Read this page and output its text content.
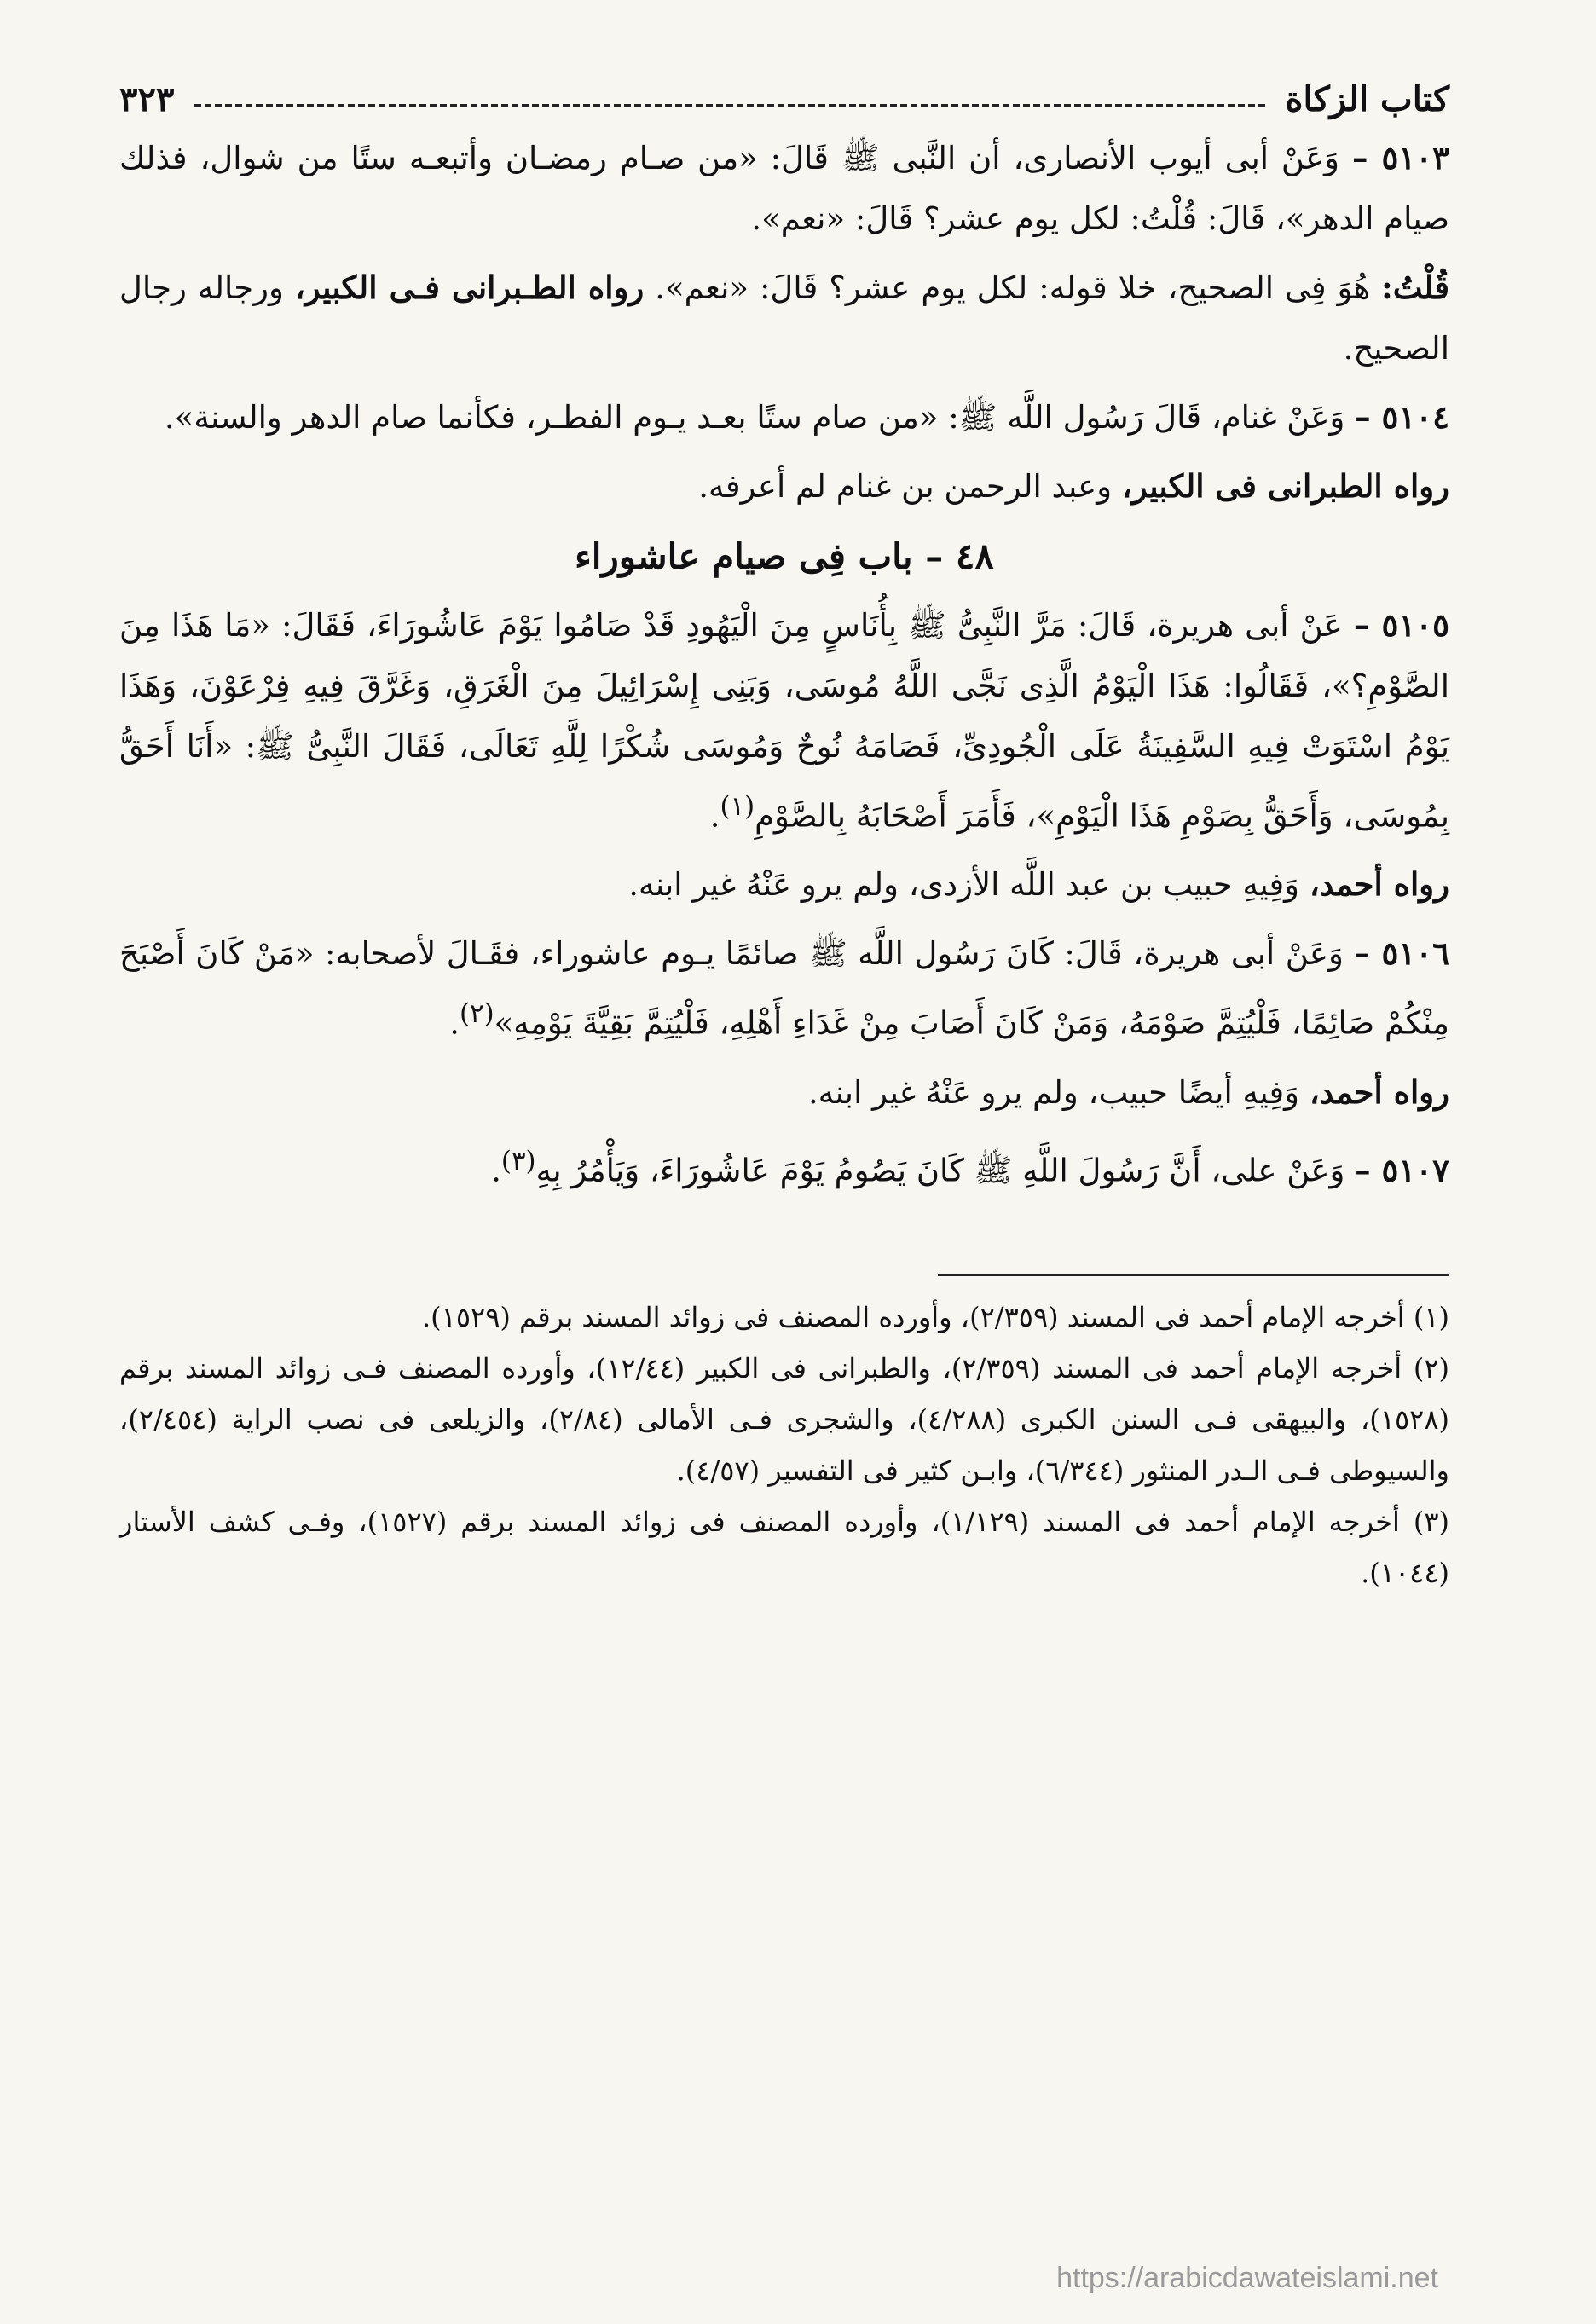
كتاب الزكاة
٣٢٣

٥١٠٣ – وَعَنْ أبى أيوب الأنصارى، أن النَّبى ﷺ قَالَ: «من صـام رمضـان وأتبعـه ستًا من شوال، فذلك صيام الدهر»، قَالَ: قُلْتُ: لكل يوم عشر؟ قَالَ: «نعم».

قُلْتُ: هُوَ فِى الصحيح، خلا قوله: لكل يوم عشر؟ قَالَ: «نعم». رواه الطـبرانى فـى الكبير، ورجاله رجال الصحيح.

٥١٠٤ – وَعَنْ غنام، قَالَ رَسُول اللَّه ﷺ: «من صام ستًا بعـد يـوم الفطـر، فكأنما صام الدهر والسنة».

رواه الطبرانى فى الكبير، وعبد الرحمن بن غنام لم أعرفه.

٤٨ – باب فِى صيام عاشوراء

٥١٠٥ – عَنْ أبى هريرة، قَالَ: مَرَّ النَّبِىُّ ﷺ بِأُنَاسٍ مِنَ الْيَهُودِ قَدْ صَامُوا يَوْمَ عَاشُورَاءَ، فَقَالَ: «مَا هَذَا مِنَ الصَّوْمِ؟»، فَقَالُوا: هَذَا الْيَوْمُ الَّذِى نَجَّى اللَّهُ مُوسَى، وَبَنِى إِسْرَائِيلَ مِنَ الْغَرَقِ، وَغَرَّقَ فِيهِ فِرْعَوْنَ، وَهَذَا يَوْمُ اسْتَوَتْ فِيهِ السَّفِينَةُ عَلَى الْجُودِىِّ، فَصَامَهُ نُوحٌ وَمُوسَى شُكْرًا لِلَّهِ تَعَالَى، فَقَالَ النَّبِىُّ ﷺ: «أَنَا أَحَقُّ بِمُوسَى، وَأَحَقُّ بِصَوْمِ هَذَا الْيَوْمِ»، فَأَمَرَ أَصْحَابَهُ بِالصَّوْمِ$^{(١)}$.

رواه أحمد، وَفِيهِ حبيب بن عبد اللَّه الأزدى، ولم يرو عَنْهُ غير ابنه.

٥١٠٦ – وَعَنْ أبى هريرة، قَالَ: كَانَ رَسُول اللَّه ﷺ صائمًا يـوم عاشوراء، فقَـالَ لأصحابه: «مَنْ كَانَ أَصْبَحَ مِنْكُمْ صَائِمًا، فَلْيُتِمَّ صَوْمَهُ، وَمَنْ كَانَ أَصَابَ مِنْ غَدَاءِ أَهْلِهِ، فَلْيُتِمَّ بَقِيَّةَ يَوْمِهِ»$^{(٢)}$.

رواه أحمد، وَفِيهِ أيضًا حبيب، ولم يرو عَنْهُ غير ابنه.

٥١٠٧ – وَعَنْ على، أَنَّ رَسُولَ اللَّهِ ﷺ كَانَ يَصُومُ يَوْمَ عَاشُورَاءَ، وَيَأْمُرُ بِهِ$^{(٣)}$.

(١) أخرجه الإمام أحمد فى المسند (٢/٣٥٩)، وأورده المصنف فى زوائد المسند برقم (١٥٢٩).

(٢) أخرجه الإمام أحمد فى المسند (٢/٣٥٩)، والطبرانى فى الكبير (١٢/٤٤)، وأورده المصنف فـى زوائد المسند برقم (١٥٢٨)، والبيهقى فـى السنن الكبرى (٤/٢٨٨)، والشجرى فـى الأمالى (٢/٨٤)، والزيلعى فى نصب الراية (٢/٤٥٤)، والسيوطى فـى الـدر المنثور (٦/٣٤٤)، وابـن كثير فى التفسير (٤/٥٧).

(٣) أخرجه الإمام أحمد فى المسند (١/١٢٩)، وأورده المصنف فى زوائد المسند برقم (١٥٢٧)، وفـى كشف الأستار (١٠٤٤).

https://arabicdawateislami.net
